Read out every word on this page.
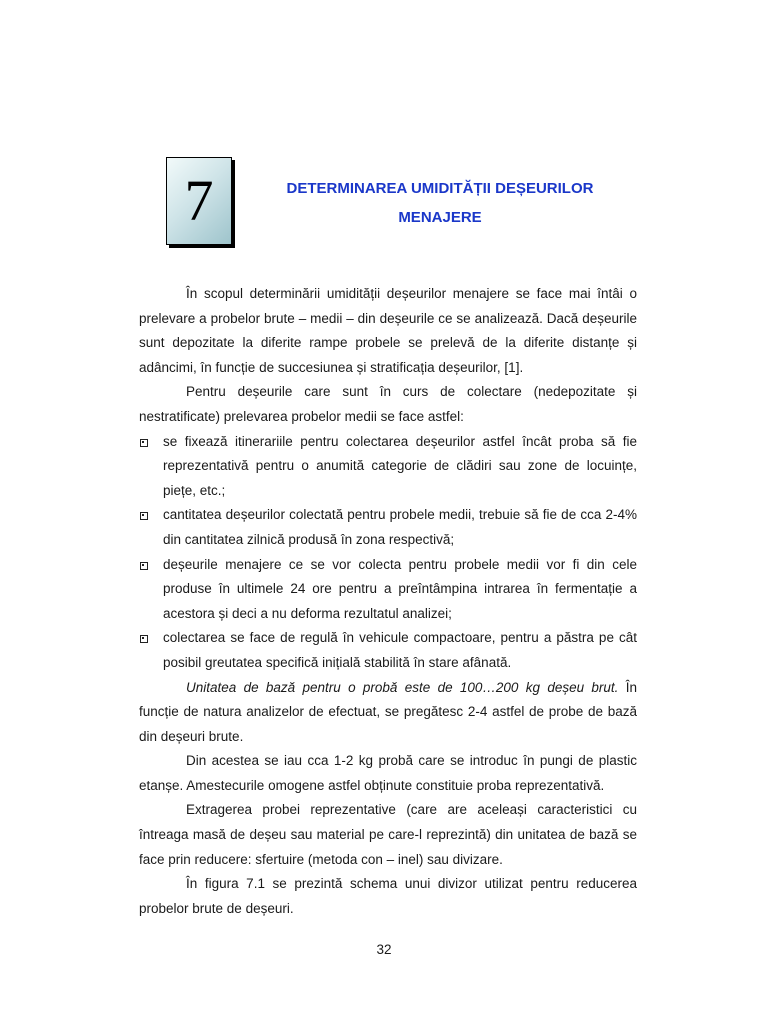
7	DETERMINAREA UMIDITĂȚII DEȘEURILOR
MENAJERE

În scopul determinării umidității deșeurilor menajere se face mai întâi o prelevare a probelor brute – medii – din deșeurile ce se analizează. Dacă deșeurile sunt depozitate la diferite rampe probele se prelevă de la diferite distanțe și adâncimi, în funcție de succesiunea și stratificația deșeurilor, [1].

Pentru deșeurile care sunt în curs de colectare (nedepozitate și nestratificate) prelevarea probelor medii se face astfel:

se fixează itinerariile pentru colectarea deșeurilor astfel încât proba să fie reprezentativă pentru o anumită categorie de clădiri sau zone de locuințe, piețe, etc.;
cantitatea deșeurilor colectată pentru probele medii, trebuie să fie de cca 2-4% din cantitatea zilnică produsă în zona respectivă;
deșeurile menajere ce se vor colecta pentru probele medii vor fi din cele produse în ultimele 24 ore pentru a preîntâmpina intrarea în fermentație a acestora și deci a nu deforma rezultatul analizei;
colectarea se face de regulă în vehicule compactoare, pentru a păstra pe cât posibil greutatea specifică inițială stabilită în stare afânată.

Unitatea de bază pentru o probă este de 100…200 kg deșeu brut. În funcție de natura analizelor de efectuat, se pregătesc 2-4 astfel de probe de bază din deșeuri brute.

Din acestea se iau cca 1-2 kg probă care se introduc în pungi de plastic etanșe. Amestecurile omogene astfel obținute constituie proba reprezentativă.

Extragerea probei reprezentative (care are aceleași caracteristici cu întreaga masă de deșeu sau material pe care-l reprezintă) din unitatea de bază se face prin reducere: sfertuire (metoda con – inel) sau divizare.

În figura 7.1 se prezintă schema unui divizor utilizat pentru reducerea probelor brute de deșeuri.

32
